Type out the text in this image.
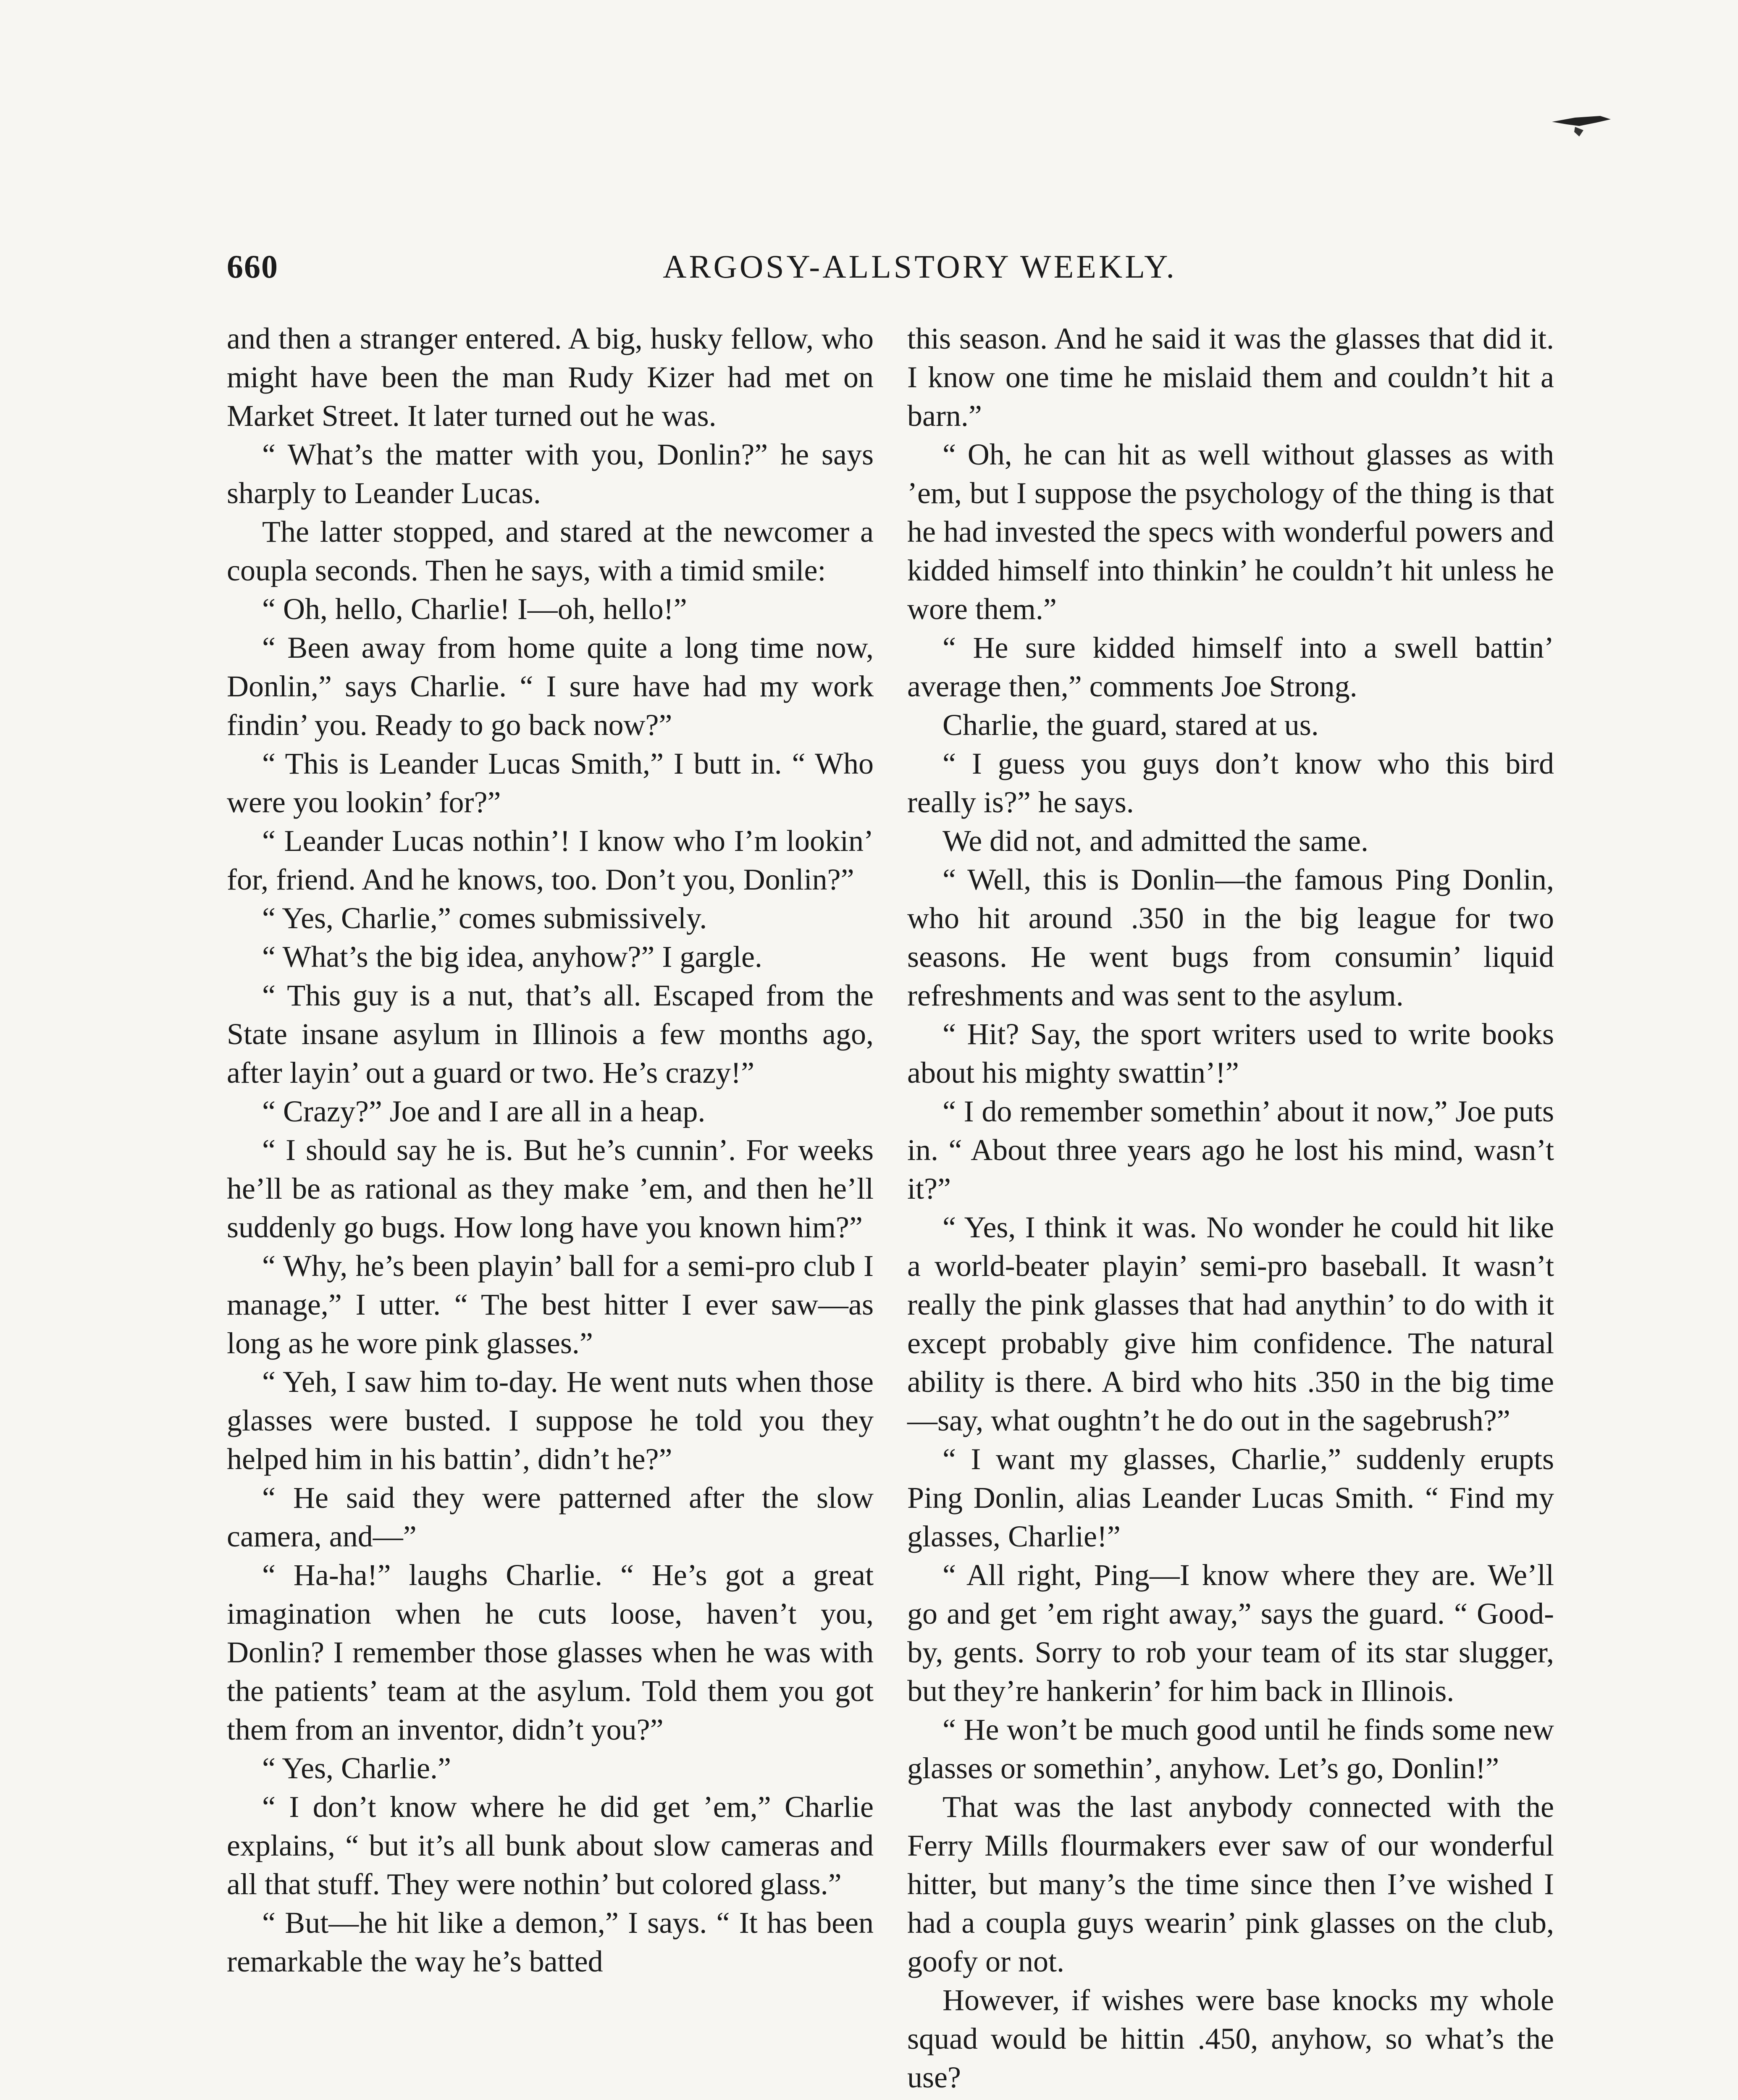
660	ARGOSY-ALLSTORY WEEKLY.

and then a stranger entered. A big, husky fellow, who might have been the man Rudy Kizer had met on Market Street. It later turned out he was.

“ What’s the matter with you, Donlin?” he says sharply to Leander Lucas.

The latter stopped, and stared at the newcomer a coupla seconds. Then he says, with a timid smile:

“ Oh, hello, Charlie! I—oh, hello!”

“ Been away from home quite a long time now, Donlin,” says Charlie. “ I sure have had my work findin’ you. Ready to go back now?”

“ This is Leander Lucas Smith,” I butt in. “ Who were you lookin’ for?”

“ Leander Lucas nothin’! I know who I’m lookin’ for, friend. And he knows, too. Don’t you, Donlin?”

“ Yes, Charlie,” comes submissively.

“ What’s the big idea, anyhow?” I gargle.

“ This guy is a nut, that’s all. Escaped from the State insane asylum in Illinois a few months ago, after layin’ out a guard or two. He’s crazy!”

“ Crazy?” Joe and I are all in a heap.

“ I should say he is. But he’s cunnin’. For weeks he’ll be as rational as they make ’em, and then he’ll suddenly go bugs. How long have you known him?”

“ Why, he’s been playin’ ball for a semi-pro club I manage,” I utter. “ The best hitter I ever saw—as long as he wore pink glasses.”

“ Yeh, I saw him to-day. He went nuts when those glasses were busted. I suppose he told you they helped him in his battin’, didn’t he?”

“ He said they were patterned after the slow camera, and—”

“ Ha-ha!” laughs Charlie. “ He’s got a great imagination when he cuts loose, haven’t you, Donlin? I remember those glasses when he was with the patients’ team at the asylum. Told them you got them from an inventor, didn’t you?”

“ Yes, Charlie.”

“ I don’t know where he did get ’em,” Charlie explains, “ but it’s all bunk about slow cameras and all that stuff. They were nothin’ but colored glass.”

“ But—he hit like a demon,” I says. “ It has been remarkable the way he’s batted

this season. And he said it was the glasses that did it. I know one time he mislaid them and couldn’t hit a barn.”

“ Oh, he can hit as well without glasses as with ’em, but I suppose the psychology of the thing is that he had invested the specs with wonderful powers and kidded himself into thinkin’ he couldn’t hit unless he wore them.”

“ He sure kidded himself into a swell battin’ average then,” comments Joe Strong.

Charlie, the guard, stared at us.

“ I guess you guys don’t know who this bird really is?” he says.

We did not, and admitted the same.

“ Well, this is Donlin—the famous Ping Donlin, who hit around .350 in the big league for two seasons. He went bugs from consumin’ liquid refreshments and was sent to the asylum.

“ Hit? Say, the sport writers used to write books about his mighty swattin’!”

“ I do remember somethin’ about it now,” Joe puts in. “ About three years ago he lost his mind, wasn’t it?”

“ Yes, I think it was. No wonder he could hit like a world-beater playin’ semi-pro baseball. It wasn’t really the pink glasses that had anythin’ to do with it except probably give him confidence. The natural ability is there. A bird who hits .350 in the big time—say, what oughtn’t he do out in the sagebrush?”

“ I want my glasses, Charlie,” suddenly erupts Ping Donlin, alias Leander Lucas Smith. “ Find my glasses, Charlie!”

“ All right, Ping—I know where they are. We’ll go and get ’em right away,” says the guard. “ Good-by, gents. Sorry to rob your team of its star slugger, but they’re hankerin’ for him back in Illinois.

“ He won’t be much good until he finds some new glasses or somethin’, anyhow. Let’s go, Donlin!”

That was the last anybody connected with the Ferry Mills flourmakers ever saw of our wonderful hitter, but many’s the time since then I’ve wished I had a coupla guys wearin’ pink glasses on the club, goofy or not.

However, if wishes were base knocks my whole squad would be hittin .450, anyhow, so what’s the use?
